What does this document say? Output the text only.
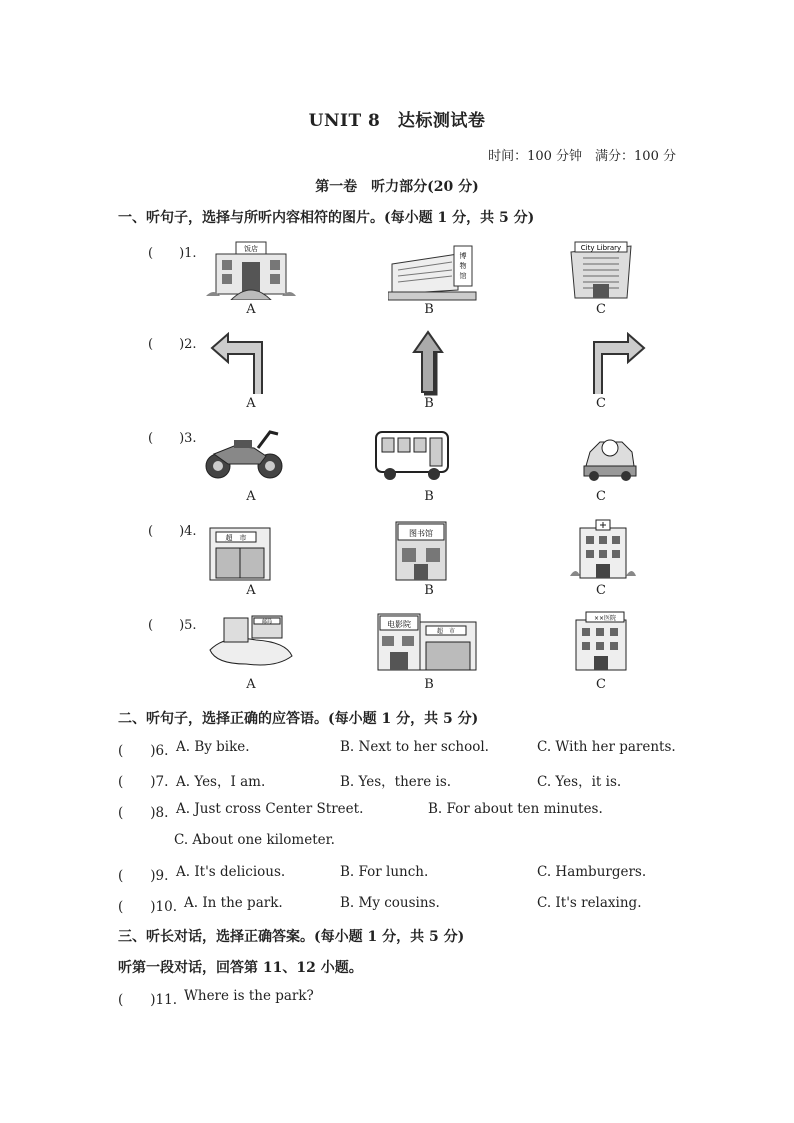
UNIT 8　达标测试卷
时间：100 分钟　满分：100 分
第一卷　听力部分(20 分)
一、听句子，选择与所听内容相符的图片。(每小题 1 分，共 5 分)
(　　)1.	饭店
博
物
馆
City Library
A	B	C
(　　)2.
A	B	C
(　　)3.
A	B	C
(　　)4.	超　市	图书馆
A	B	C
(　　)5.	邮局	电影院
超　市
××医院
A	B	C
二、听句子，选择正确的应答语。(每小题 1 分，共 5 分)
(　　)6. A. By bike.	B. Next to her school.	C. With her parents.
(　　)7. A. Yes，I am.	B. Yes，there is.	C. Yes，it is.
(　　)8. A. Just cross Center Street.	B. For about ten minutes.
C. About one kilometer.
(　　)9. A. It's delicious.	B. For lunch.	C. Hamburgers.
(　　)10. A. In the park.	B. My cousins.	C. It's relaxing.
三、听长对话，选择正确答案。(每小题 1 分，共 5 分)
听第一段对话，回答第 11、12 小题。
(　　)11. Where is the park?
